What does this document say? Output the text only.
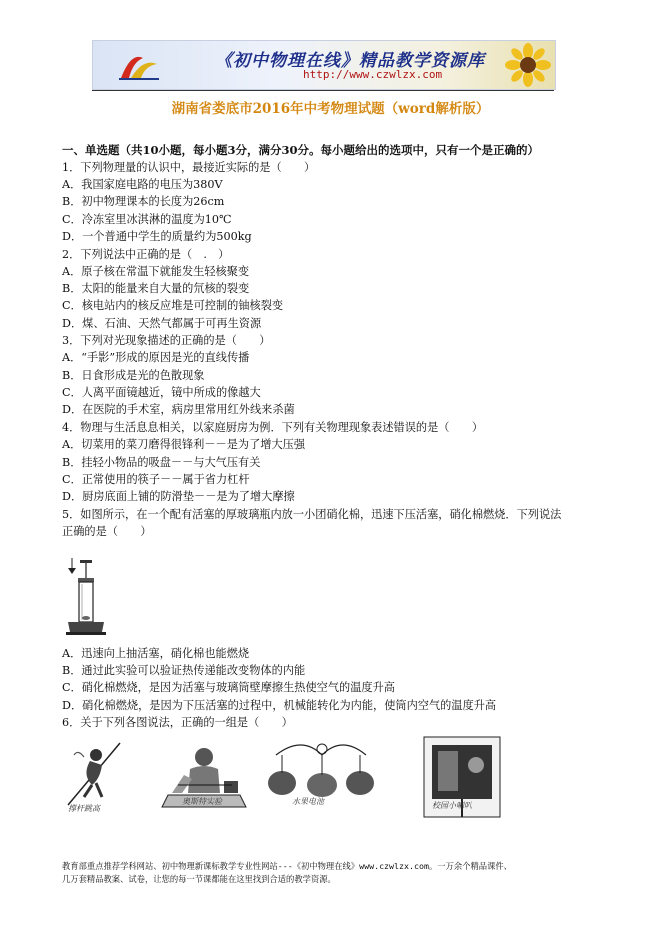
《初中物理在线》精品教学资源库
http://www.czwlzx.com
湖南省娄底市2016年中考物理试题（word解析版）
一、单选题（共10小题，每小题3分，满分30分。每小题给出的选项中，只有一个是正确的）
1．下列物理量的认识中，最接近实际的是（　　）
A．我国家庭电路的电压为380V
B．初中物理课本的长度为26cm
C．冷冻室里冰淇淋的温度为10℃
D．一个普通中学生的质量约为500kg
2．下列说法中正确的是（　.　）
A．原子核在常温下就能发生轻核聚变
B．太阳的能量来自大量的氘核的裂变
C．核电站内的核反应堆是可控制的铀核裂变
D．煤、石油、天然气都属于可再生资源
3．下列对光现象描述的正确的是（　　）
A．“手影”形成的原因是光的直线传播
B．日食形成是光的色散现象
C．人离平面镜越近，镜中所成的像越大
D．在医院的手术室，病房里常用红外线来杀菌
4．物理与生活息息相关，以家庭厨房为例．下列有关物理现象表述错误的是（　　）
A．切菜用的菜刀磨得很锋利－－是为了增大压强
B．挂轻小物品的吸盘－－与大气压有关
C．正常使用的筷子－－属于省力杠杆
D．厨房底面上铺的防滑垫－－是为了增大摩擦
5．如图所示，在一个配有活塞的厚玻璃瓶内放一小团硝化棉，迅速下压活塞，硝化棉燃烧．下列说法
正确的是（　　）
A．迅速向上抽活塞，硝化棉也能燃烧
B．通过此实验可以验证热传递能改变物体的内能
C．硝化棉燃烧，是因为活塞与玻璃筒壁摩擦生热使空气的温度升高
D．硝化棉燃烧，是因为下压活塞的过程中，机械能转化为内能，使筒内空气的温度升高
6．关于下列各图说法，正确的一组是（　　）
撑杆跳高
奥斯特实验	水果电池	校园小喇叭
教育部重点推荐学科网站、初中物理新课标教学专业性网站---《初中物理在线》www.czwlzx.com。一万余个精品课件、
几万套精品教案、试卷，让您的每一节课都能在这里找到合适的教学资源。
